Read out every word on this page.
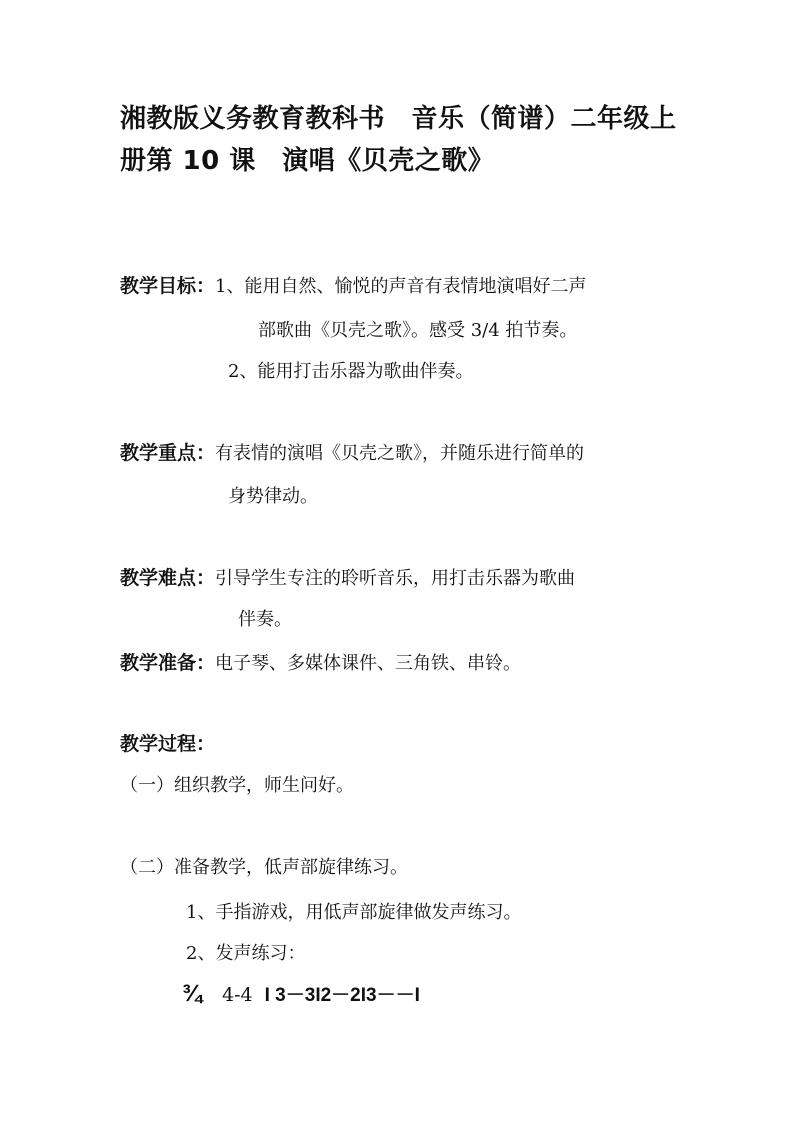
湘教版义务教育教科书　音乐（简谱）二年级上
册第 10 课　演唱《贝壳之歌》
教学目标：1、能用自然、愉悦的声音有表情地演唱好二声
部歌曲《贝壳之歌》。感受 3/4 拍节奏。
2、能用打击乐器为歌曲伴奏。
教学重点：有表情的演唱《贝壳之歌》，并随乐进行简单的
身势律动。
教学难点：引导学生专注的聆听音乐，用打击乐器为歌曲
伴奏。
教学准备：电子琴、多媒体课件、三角铁、串铃。
教学过程：
（一）组织教学，师生问好。
（二）准备教学，低声部旋律练习。
1、手指游戏，用低声部旋律做发声练习。
2、发声练习：
¾ 4-4 I 3－3I2－2I3－－I
